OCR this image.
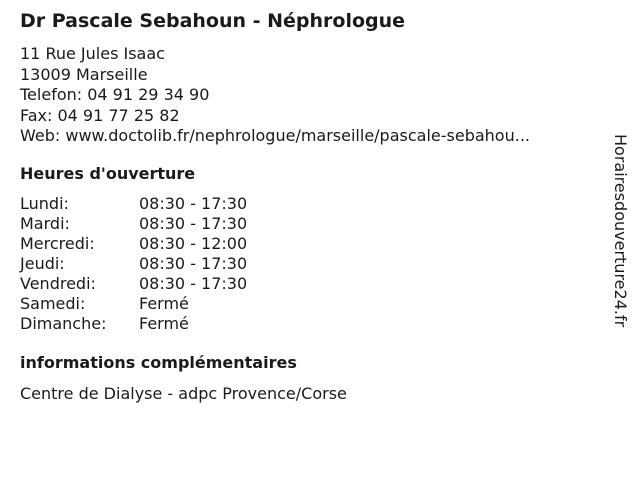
Dr Pascale Sebahoun - Néphrologue
11 Rue Jules Isaac
13009 Marseille
Telefon: 04 91 29 34 90
Fax: 04 91 77 25 82
Web: www.doctolib.fr/nephrologue/marseille/pascale-sebahou...
Heures d'ouverture
Lundi:	08:30 - 17:30
Mardi:	08:30 - 17:30
Mercredi:	08:30 - 12:00
Jeudi:	08:30 - 17:30
Vendredi:	08:30 - 17:30
Samedi:	Fermé
Dimanche:	Fermé
informations complémentaires
Centre de Dialyse - adpc Provence/Corse
Horairesdouverture24.fr
